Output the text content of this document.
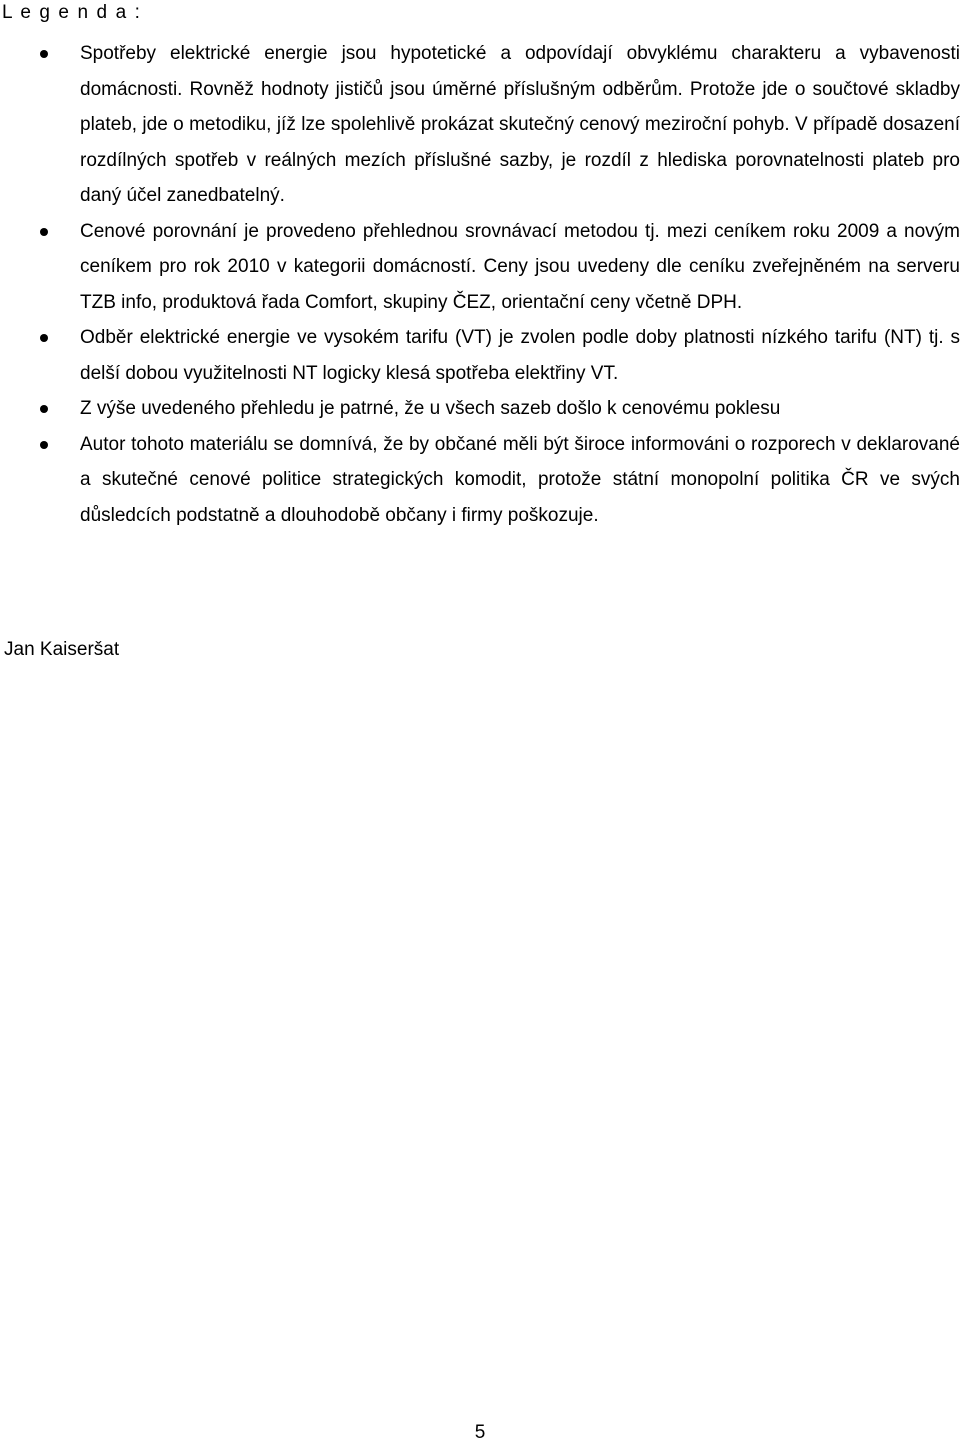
L e g e n d a :
Spotřeby elektrické energie jsou hypotetické a odpovídají obvyklému charakteru a vybavenosti domácnosti. Rovněž hodnoty jističů jsou úměrné příslušným odběrům. Protože jde o součtové skladby plateb, jde o metodiku, jíž lze spolehlivě prokázat skutečný cenový meziroční pohyb. V případě dosazení rozdílných spotřeb v reálných mezích příslušné sazby, je rozdíl z hlediska porovnatelnosti plateb pro daný účel zanedbatelný.
Cenové porovnání je provedeno přehlednou srovnávací metodou tj. mezi ceníkem roku 2009 a novým ceníkem pro rok 2010 v kategorii domácností. Ceny jsou uvedeny dle ceníku zveřejněném na serveru TZB info, produktová řada Comfort, skupiny ČEZ, orientační ceny včetně DPH.
Odběr elektrické energie ve vysokém tarifu (VT) je zvolen podle doby platnosti nízkého tarifu (NT) tj. s delší dobou využitelnosti NT logicky klesá spotřeba elektřiny VT.
Z výše uvedeného přehledu je patrné, že u všech sazeb došlo k cenovému poklesu
Autor tohoto materiálu se domnívá, že by občané měli být široce informováni o rozporech v deklarované a skutečné cenové politice strategických komodit, protože státní monopolní politika ČR ve svých důsledcích podstatně a dlouhodobě občany i firmy poškozuje.
Jan Kaiseršat
5
